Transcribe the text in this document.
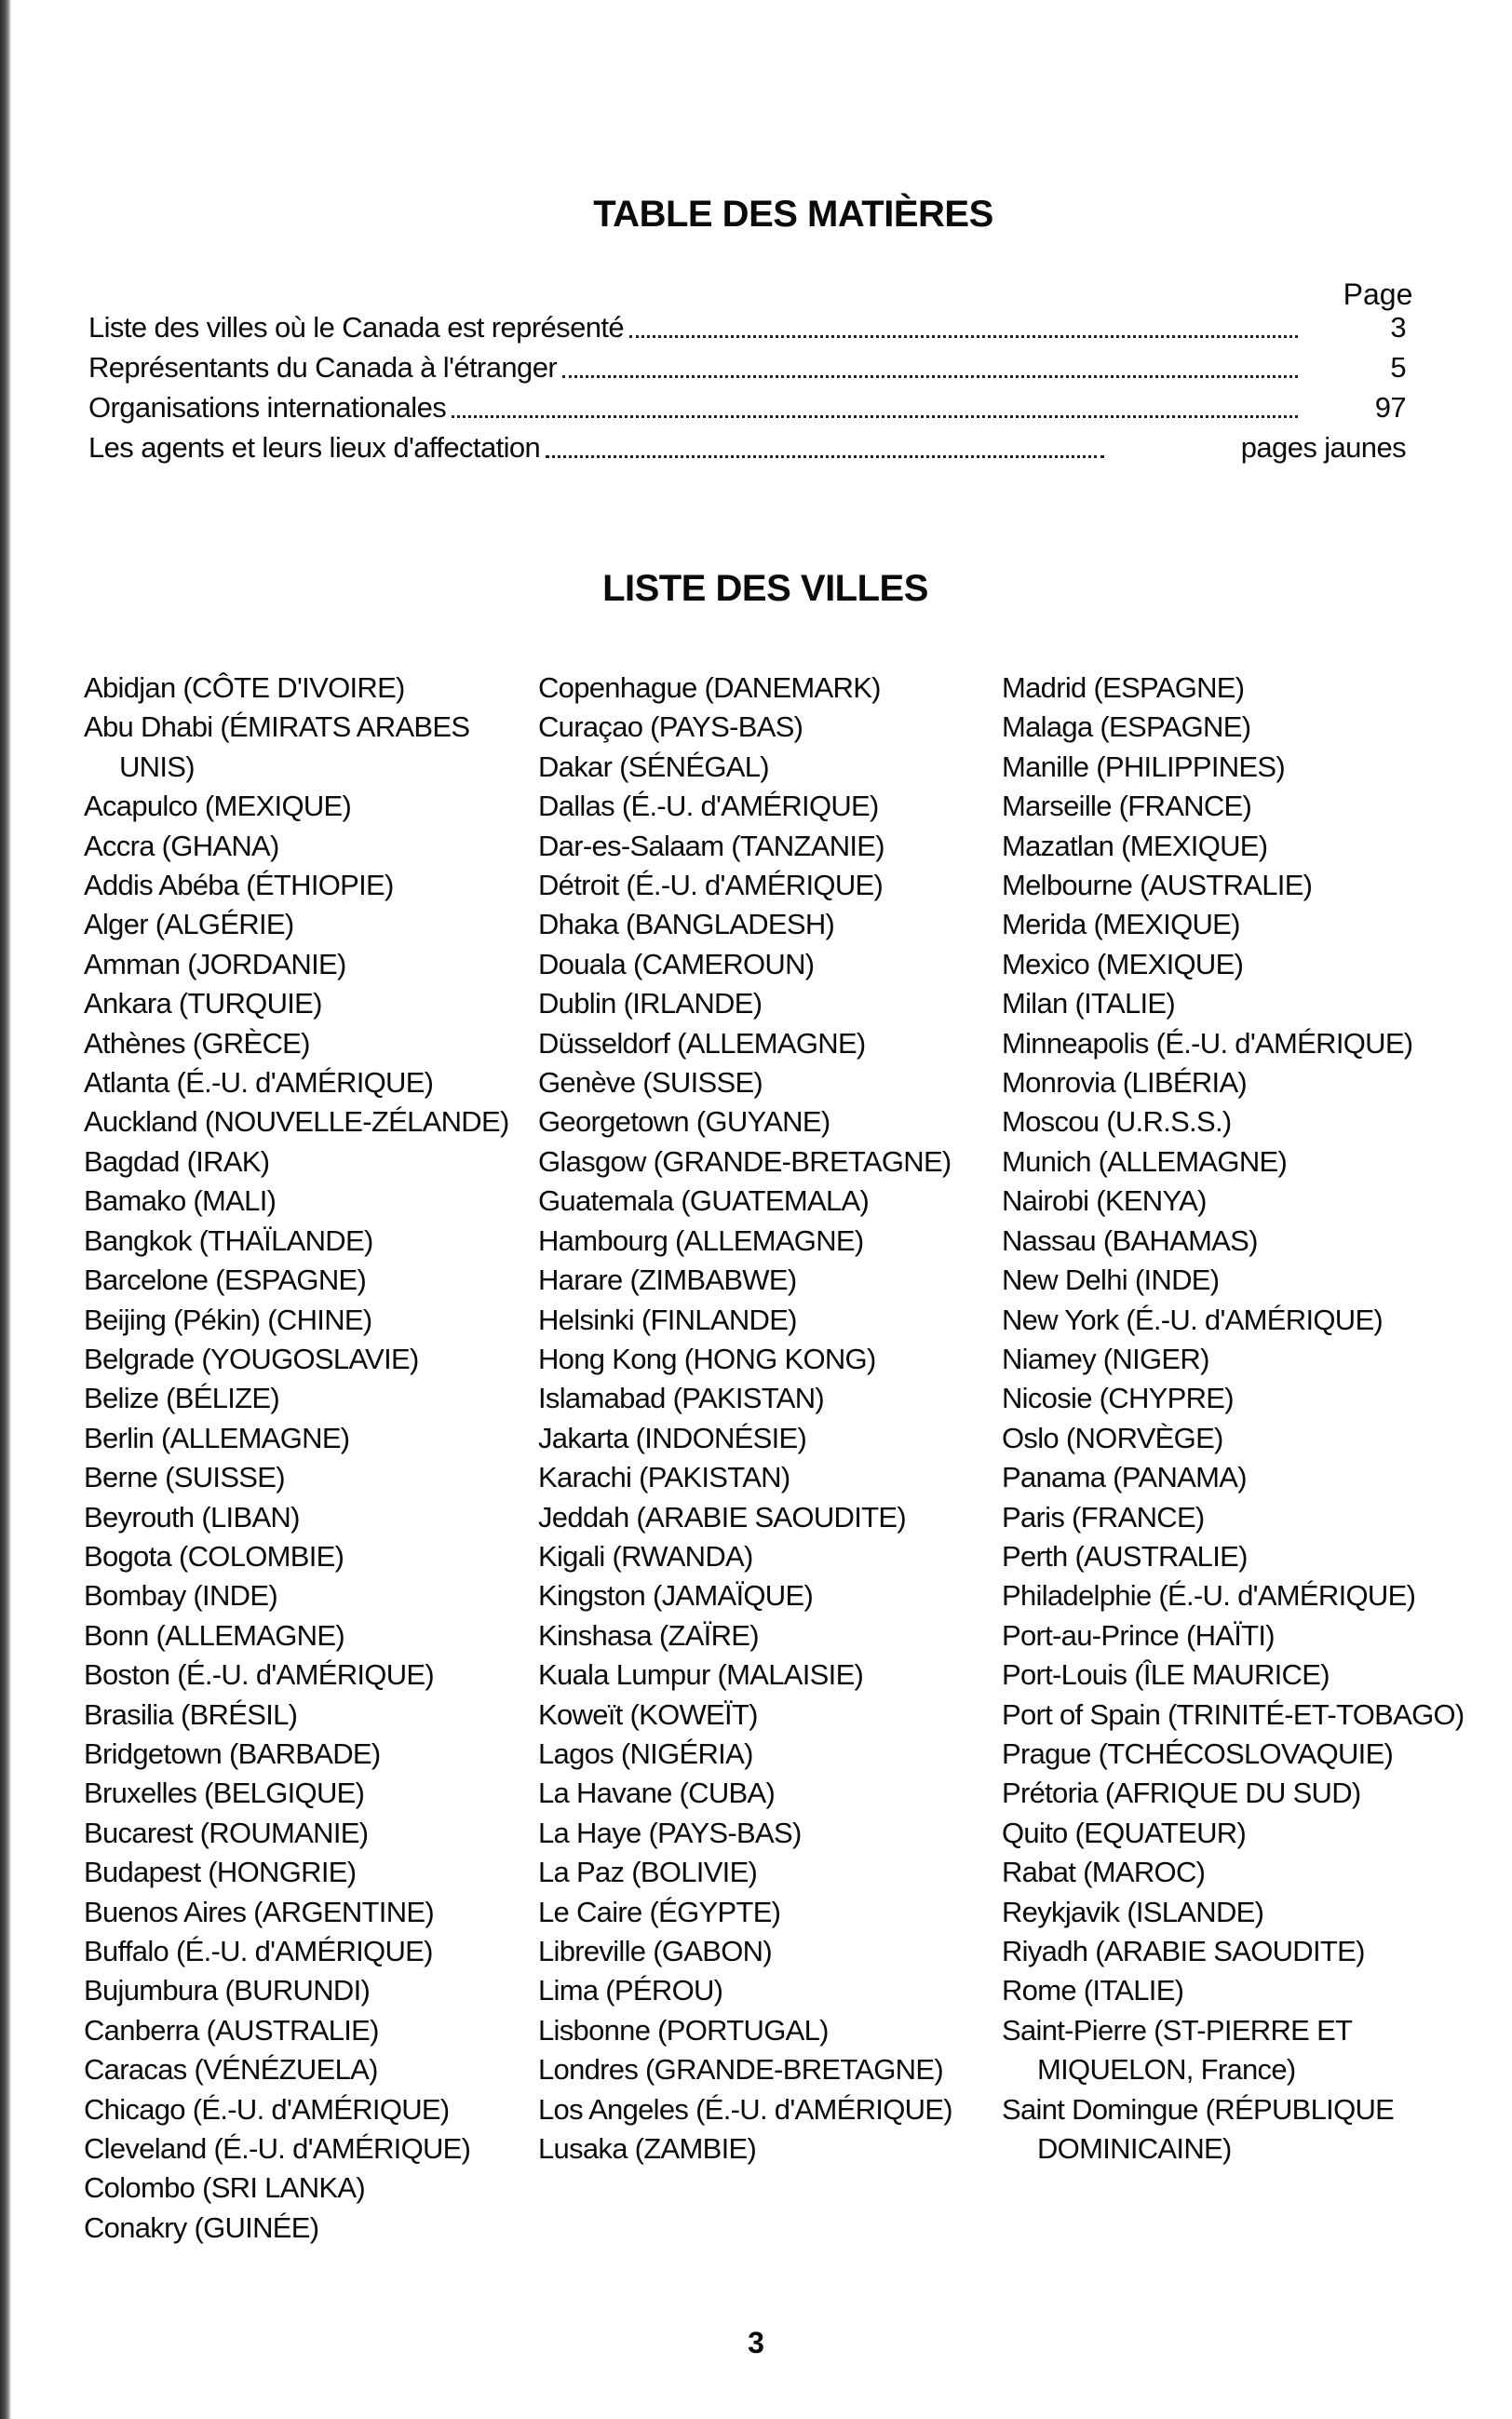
TABLE DES MATIÈRES
Page
Liste des villes où le Canada est représenté	3
Représentants du Canada à l'étranger	5
Organisations internationales	97
Les agents et leurs lieux d'affectation	pages jaunes
LISTE DES VILLES
Abidjan (CÔTE D'IVOIRE)
Abu Dhabi (ÉMIRATS ARABES UNIS)
Acapulco (MEXIQUE)
Accra (GHANA)
Addis Abéba (ÉTHIOPIE)
Alger (ALGÉRIE)
Amman (JORDANIE)
Ankara (TURQUIE)
Athènes (GRÈCE)
Atlanta (É.-U. d'AMÉRIQUE)
Auckland (NOUVELLE-ZÉLANDE)
Bagdad (IRAK)
Bamako (MALI)
Bangkok (THAÏLANDE)
Barcelone (ESPAGNE)
Beijing (Pékin) (CHINE)
Belgrade (YOUGOSLAVIE)
Belize (BÉLIZE)
Berlin (ALLEMAGNE)
Berne (SUISSE)
Beyrouth (LIBAN)
Bogota (COLOMBIE)
Bombay (INDE)
Bonn (ALLEMAGNE)
Boston (É.-U. d'AMÉRIQUE)
Brasilia (BRÉSIL)
Bridgetown (BARBADE)
Bruxelles (BELGIQUE)
Bucarest (ROUMANIE)
Budapest (HONGRIE)
Buenos Aires (ARGENTINE)
Buffalo (É.-U. d'AMÉRIQUE)
Bujumbura (BURUNDI)
Canberra (AUSTRALIE)
Caracas (VÉNÉZUELA)
Chicago (É.-U. d'AMÉRIQUE)
Cleveland (É.-U. d'AMÉRIQUE)
Colombo (SRI LANKA)
Conakry (GUINÉE)
Copenhague (DANEMARK)
Curaçao (PAYS-BAS)
Dakar (SÉNÉGAL)
Dallas (É.-U. d'AMÉRIQUE)
Dar-es-Salaam (TANZANIE)
Détroit (É.-U. d'AMÉRIQUE)
Dhaka (BANGLADESH)
Douala (CAMEROUN)
Dublin (IRLANDE)
Düsseldorf (ALLEMAGNE)
Genève (SUISSE)
Georgetown (GUYANE)
Glasgow (GRANDE-BRETAGNE)
Guatemala (GUATEMALA)
Hambourg (ALLEMAGNE)
Harare (ZIMBABWE)
Helsinki (FINLANDE)
Hong Kong (HONG KONG)
Islamabad (PAKISTAN)
Jakarta (INDONÉSIE)
Karachi (PAKISTAN)
Jeddah (ARABIE SAOUDITE)
Kigali (RWANDA)
Kingston (JAMAÏQUE)
Kinshasa (ZAÏRE)
Kuala Lumpur (MALAISIE)
Koweït (KOWEÏT)
Lagos (NIGÉRIA)
La Havane (CUBA)
La Haye (PAYS-BAS)
La Paz (BOLIVIE)
Le Caire (ÉGYPTE)
Libreville (GABON)
Lima (PÉROU)
Lisbonne (PORTUGAL)
Londres (GRANDE-BRETAGNE)
Los Angeles (É.-U. d'AMÉRIQUE)
Lusaka (ZAMBIE)
Madrid (ESPAGNE)
Malaga (ESPAGNE)
Manille (PHILIPPINES)
Marseille (FRANCE)
Mazatlan (MEXIQUE)
Melbourne (AUSTRALIE)
Merida (MEXIQUE)
Mexico (MEXIQUE)
Milan (ITALIE)
Minneapolis (É.-U. d'AMÉRIQUE)
Monrovia (LIBÉRIA)
Moscou (U.R.S.S.)
Munich (ALLEMAGNE)
Nairobi (KENYA)
Nassau (BAHAMAS)
New Delhi (INDE)
New York (É.-U. d'AMÉRIQUE)
Niamey (NIGER)
Nicosie (CHYPRE)
Oslo (NORVÈGE)
Panama (PANAMA)
Paris (FRANCE)
Perth (AUSTRALIE)
Philadelphie (É.-U. d'AMÉRIQUE)
Port-au-Prince (HAÏTI)
Port-Louis (ÎLE MAURICE)
Port of Spain (TRINITÉ-ET-TOBAGO)
Prague (TCHÉCOSLOVAQUIE)
Prétoria (AFRIQUE DU SUD)
Quito (EQUATEUR)
Rabat (MAROC)
Reykjavik (ISLANDE)
Riyadh (ARABIE SAOUDITE)
Rome (ITALIE)
Saint-Pierre (ST-PIERRE ET MIQUELON, France)
Saint Domingue (RÉPUBLIQUE DOMINICAINE)
3
